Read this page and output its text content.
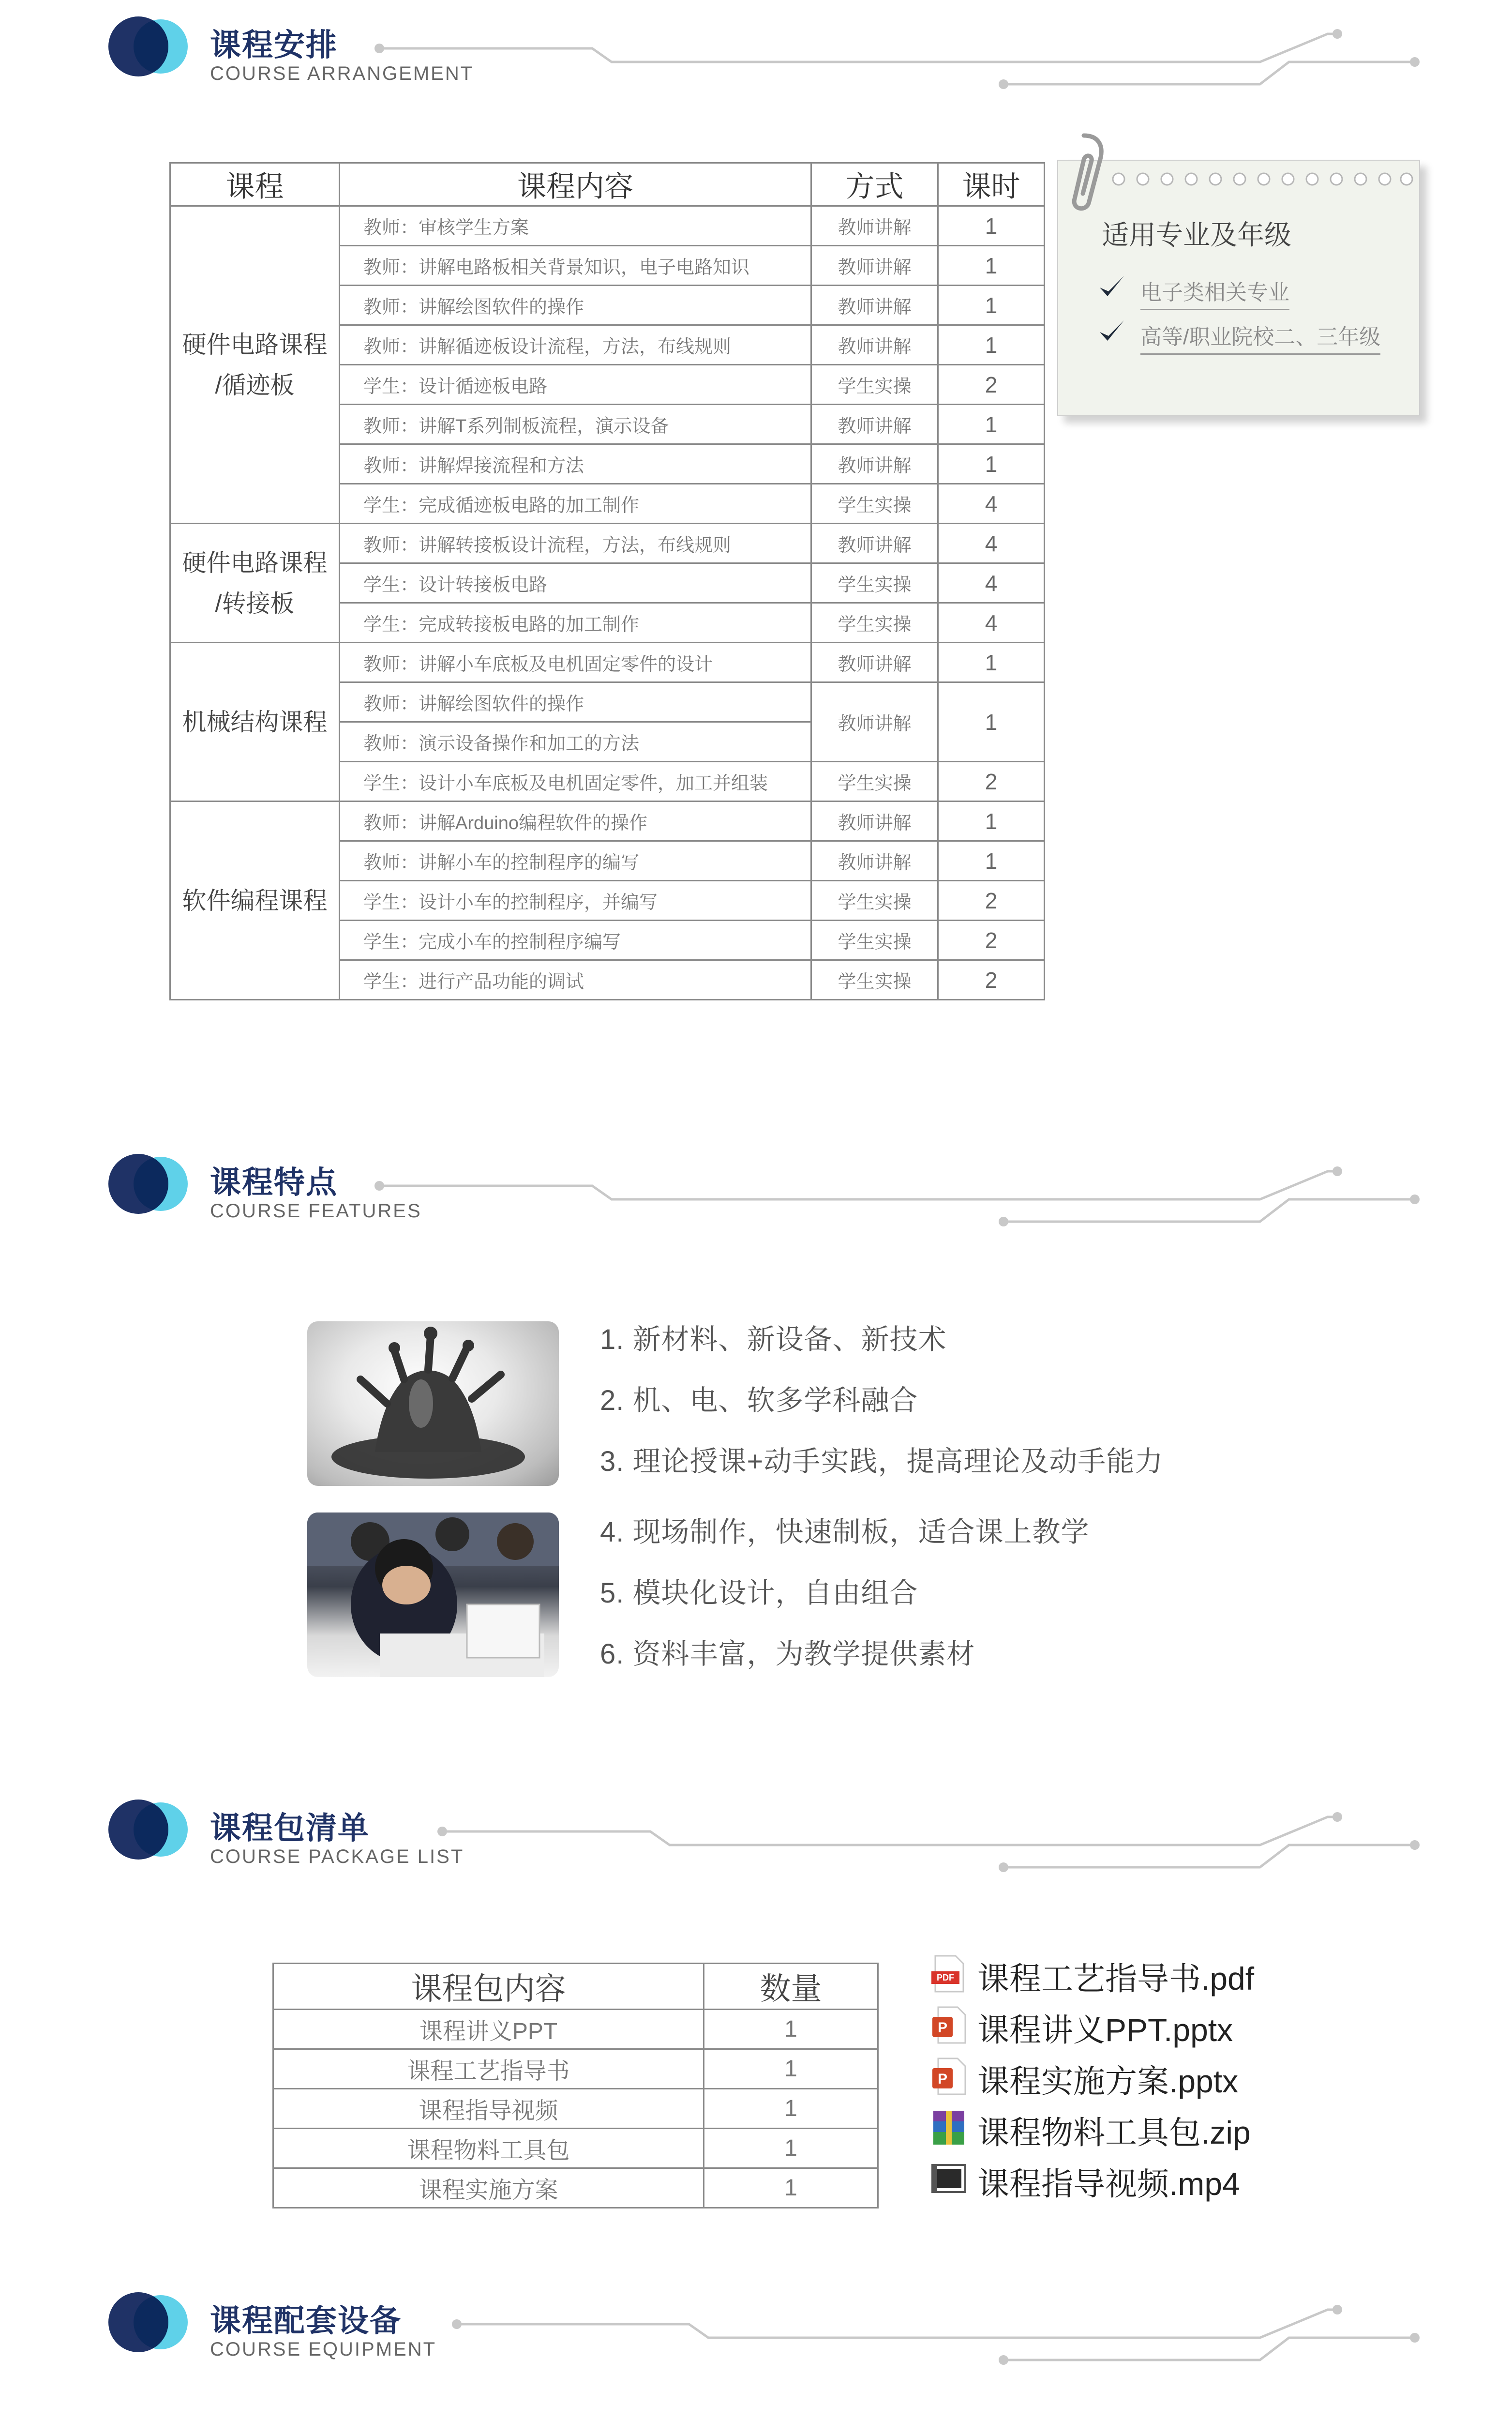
课程安排
COURSE ARRANGEMENT
课程	课程内容	方式	课时
硬件电路课程
/循迹板	教师：审核学生方案	教师讲解	1
	教师：讲解电路板相关背景知识，电子电路知识	教师讲解	1
	教师：讲解绘图软件的操作	教师讲解	1
	教师：讲解循迹板设计流程，方法，布线规则	教师讲解	1
	学生：设计循迹板电路	学生实操	2
	教师：讲解T系列制板流程，演示设备	教师讲解	1
	教师：讲解焊接流程和方法	教师讲解	1
	学生：完成循迹板电路的加工制作	学生实操	4
硬件电路课程
/转接板	教师：讲解转接板设计流程，方法，布线规则	教师讲解	4
	学生：设计转接板电路	学生实操	4
	学生：完成转接板电路的加工制作	学生实操	4
机械结构课程	教师：讲解小车底板及电机固定零件的设计	教师讲解	1
	教师：讲解绘图软件的操作	教师讲解	1
	教师：演示设备操作和加工的方法		
	学生：设计小车底板及电机固定零件，加工并组装	学生实操	2
软件编程课程	教师：讲解Arduino编程软件的操作	教师讲解	1
	教师：讲解小车的控制程序的编写	教师讲解	1
	学生：设计小车的控制程序，并编写	学生实操	2
	学生：完成小车的控制程序编写	学生实操	2
	学生：进行产品功能的调试	学生实操	2
适用专业及年级
电子类相关专业
高等/职业院校二、三年级
课程特点
COURSE FEATURES
1. 新材料、新设备、新技术
2. 机、电、软多学科融合
3. 理论授课+动手实践，提高理论及动手能力
4. 现场制作，快速制板，适合课上教学
5. 模块化设计，自由组合
6. 资料丰富，为教学提供素材
课程包清单
COURSE PACKAGE LIST
课程包内容	数量
课程讲义PPT	1
课程工艺指导书	1
课程指导视频	1
课程物料工具包	1
课程实施方案	1
PDF 课程工艺指导书.pdf
P 课程讲义PPT.pptx
P 课程实施方案.pptx
课程物料工具包.zip
课程指导视频.mp4
课程配套设备
COURSE EQUIPMENT
